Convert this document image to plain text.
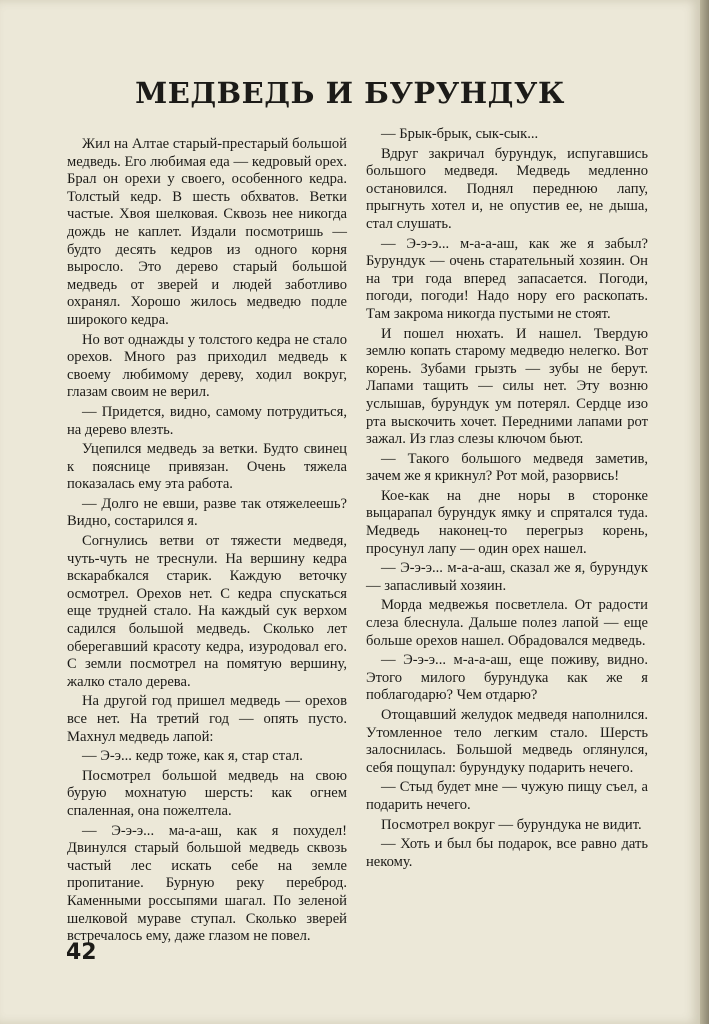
МЕДВЕДЬ И БУРУНДУК

Жил на Алтае старый-престарый большой медведь. Его любимая еда — кедровый орех. Брал он орехи у своего, особенного кедра. Толстый кедр. В шесть обхватов. Ветки частые. Хвоя шелковая. Сквозь нее никогда дождь не каплет. Издали посмотришь — будто десять кедров из одного корня выросло. Это дерево старый большой медведь от зверей и людей заботливо охранял. Хорошо жилось медведю подле широкого кедра.

Но вот однажды у толстого кедра не стало орехов. Много раз приходил медведь к своему любимому дереву, ходил вокруг, глазам своим не верил.

— Придется, видно, самому потрудиться, на дерево влезть.

Уцепился медведь за ветки. Будто свинец к пояснице привязан. Очень тяжела показалась ему эта работа.

— Долго не евши, разве так отяжелеешь? Видно, состарился я.

Согнулись ветви от тяжести медведя, чуть-чуть не треснули. На вершину кедра вскарабкался старик. Каждую веточку осмотрел. Орехов нет. С кедра спускаться еще трудней стало. На каждый сук верхом садился большой медведь. Сколько лет оберегавший красоту кедра, изуродовал его. С земли посмотрел на помятую вершину, жалко стало дерева.

На другой год пришел медведь — орехов все нет. На третий год — опять пусто. Махнул медведь лапой:

— Э-э... кедр тоже, как я, стар стал.

Посмотрел большой медведь на свою бурую мохнатую шерсть: как огнем спаленная, она пожелтела.

— Э-э-э... ма-а-аш, как я похудел! Двинулся старый большой медведь сквозь частый лес искать себе на земле пропитание. Бурную реку переброд. Каменными россыпями шагал. По зеленой шелковой мураве ступал. Сколько зверей встречалось ему, даже глазом не повел.

— Брык-брык, сык-сык...

Вдруг закричал бурундук, испугавшись большого медведя. Медведь медленно остановился. Поднял переднюю лапу, прыгнуть хотел и, не опустив ее, не дыша, стал слушать.

— Э-э-э... м-а-а-аш, как же я забыл? Бурундук — очень старательный хозяин. Он на три года вперед запасается. Погоди, погоди, погоди! Надо нору его раскопать. Там закрома никогда пустыми не стоят.

И пошел нюхать. И нашел. Твердую землю копать старому медведю нелегко. Вот корень. Зубами грызть — зубы не берут. Лапами тащить — силы нет. Эту возню услышав, бурундук ум потерял. Сердце изо рта выскочить хочет. Передними лапами рот зажал. Из глаз слезы ключом бьют.

— Такого большого медведя заметив, зачем же я крикнул? Рот мой, разорвись!

Кое-как на дне норы в сторонке выцарапал бурундук ямку и спрятался туда. Медведь наконец-то перегрыз корень, просунул лапу — один орех нашел.

— Э-э-э... м-а-а-аш, сказал же я, бурундук — запасливый хозяин.

Морда медвежья посветлела. От радости слеза блеснула. Дальше полез лапой — еще больше орехов нашел. Обрадовался медведь.

— Э-э-э... м-а-а-аш, еще поживу, видно. Этого милого бурундука как же я поблагодарю? Чем отдарю?

Отощавший желудок медведя наполнился. Утомленное тело легким стало. Шерсть залоснилась. Большой медведь оглянулся, себя пощупал: бурундуку подарить нечего.

— Стыд будет мне — чужую пищу съел, а подарить нечего.

Посмотрел вокруг — бурундука не видит.

— Хоть и был бы подарок, все равно дать некому.

42
